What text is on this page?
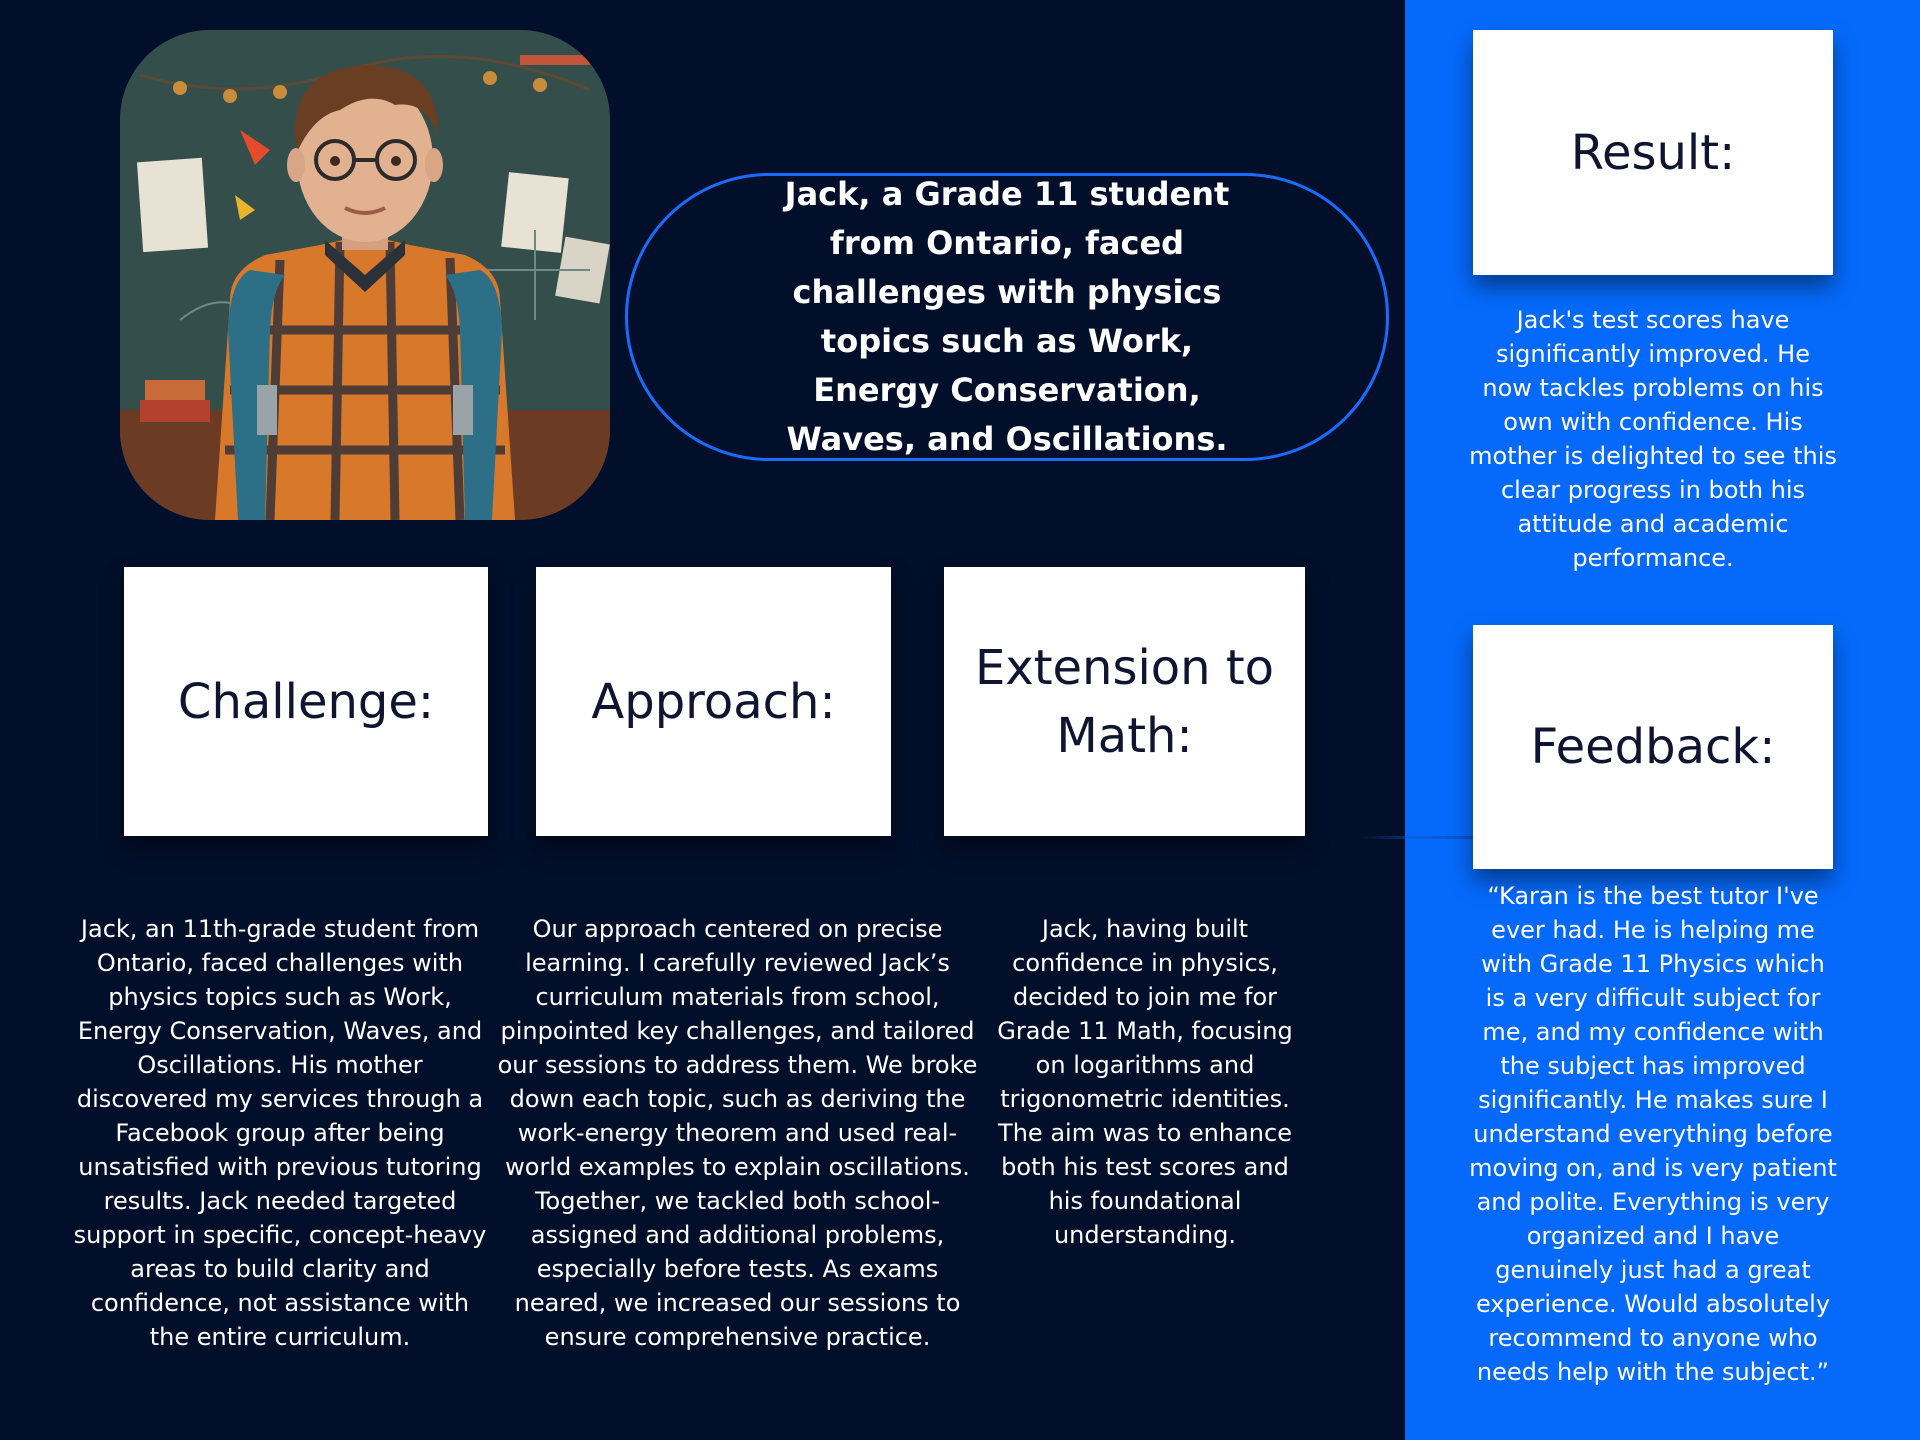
Jack, a Grade 11 student from Ontario, faced challenges with physics topics such as Work, Energy Conservation, Waves, and Oscillations.
Challenge:	Approach:
Extension to Math:
Result:
Feedback:
Jack, an 11th-grade student from Ontario, faced challenges with physics topics such as Work, Energy Conservation, Waves, and Oscillations. His mother discovered my services through a Facebook group after being unsatisfied with previous tutoring results. Jack needed targeted support in specific, concept-heavy areas to build clarity and confidence, not assistance with the entire curriculum.
Our approach centered on precise learning. I carefully reviewed Jack’s curriculum materials from school, pinpointed key challenges, and tailored our sessions to address them. We broke down each topic, such as deriving the work-energy theorem and used real-world examples to explain oscillations. Together, we tackled both school-assigned and additional problems, especially before tests. As exams neared, we increased our sessions to ensure comprehensive practice.
Jack, having built confidence in physics, decided to join me for Grade 11 Math, focusing on logarithms and trigonometric identities. The aim was to enhance both his test scores and his foundational understanding.
Jack's test scores have significantly improved. He now tackles problems on his own with confidence. His mother is delighted to see this clear progress in both his attitude and academic performance.
“Karan is the best tutor I've ever had. He is helping me with Grade 11 Physics which is a very difficult subject for me, and my confidence with the subject has improved significantly. He makes sure I understand everything before moving on, and is very patient and polite. Everything is very organized and I have genuinely just had a great experience. Would absolutely recommend to anyone who needs help with the subject.”
